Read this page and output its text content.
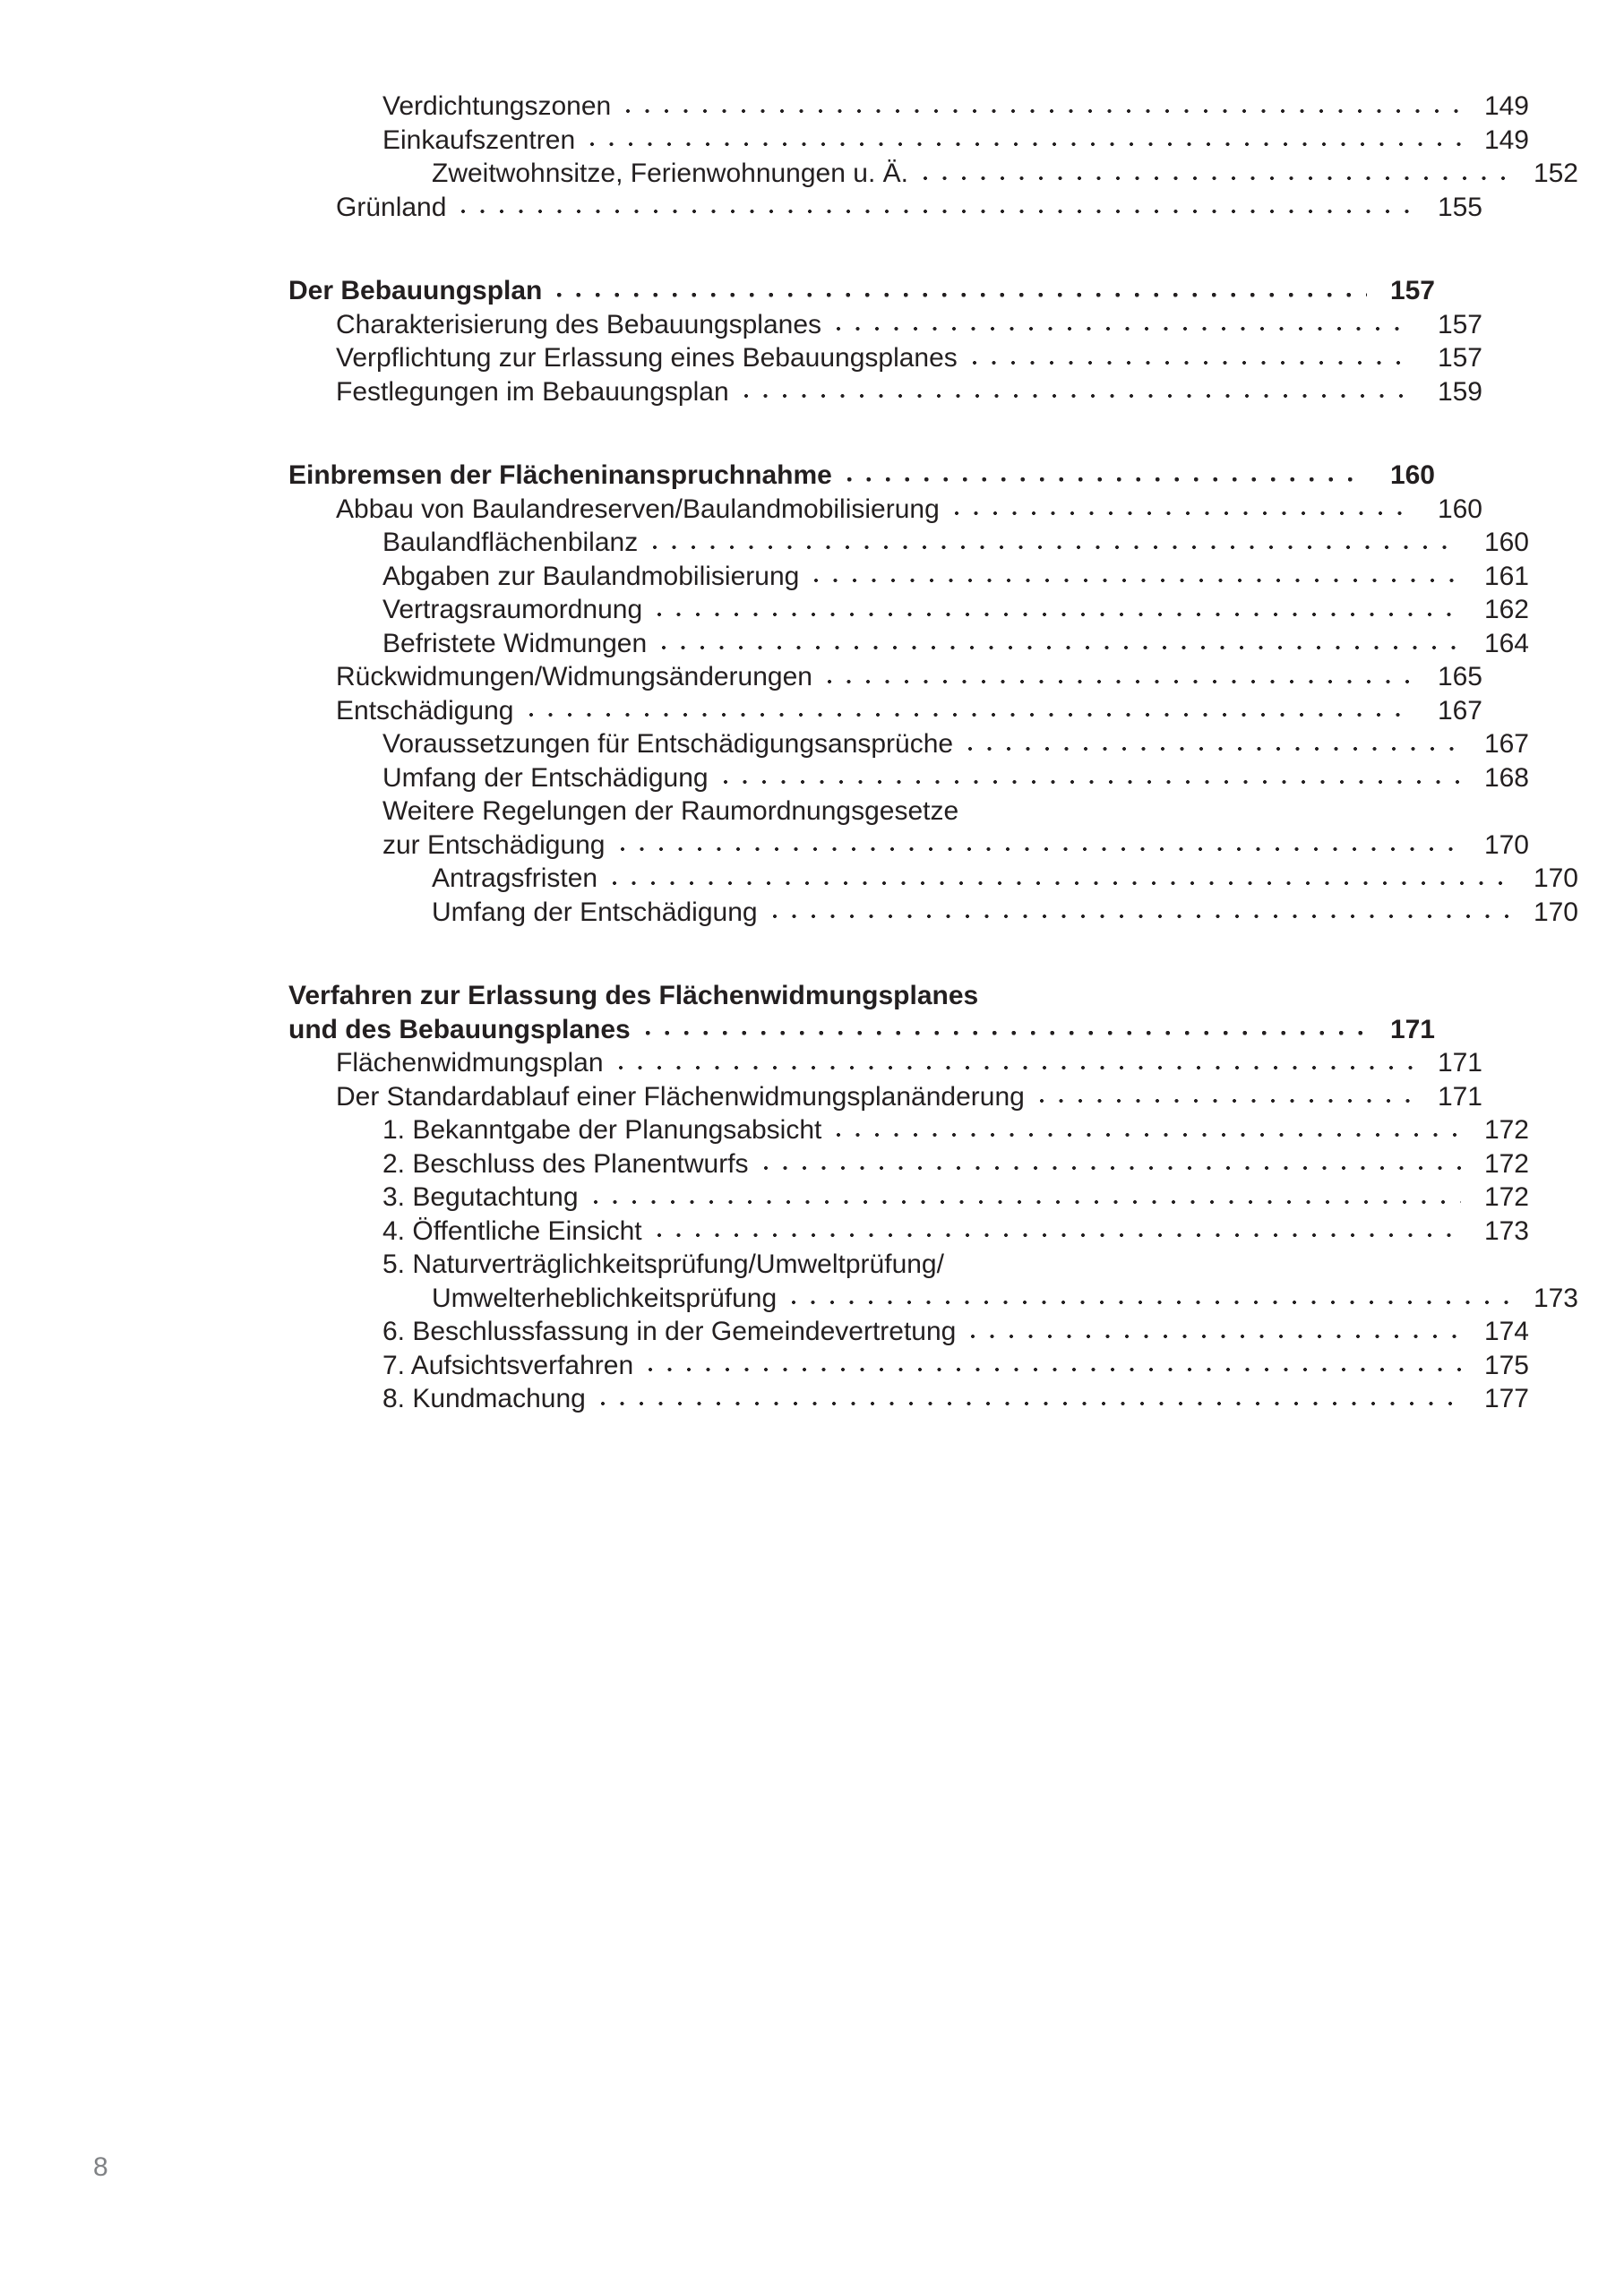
Verdichtungszonen	149
Einkaufszentren	149
Zweitwohnsitze, Ferienwohnungen u. Ä.	152
Grünland	155
Der Bebauungsplan	157
Charakterisierung des Bebauungsplanes	157
Verpflichtung zur Erlassung eines Bebauungsplanes	157
Festlegungen im Bebauungsplan	159
Einbremsen der Flächeninanspruchnahme	160
Abbau von Baulandreserven/Baulandmobilisierung	160
Baulandflächenbilanz	160
Abgaben zur Baulandmobilisierung	161
Vertragsraumordnung	162
Befristete Widmungen	164
Rückwidmungen/Widmungsänderungen	165
Entschädigung	167
Voraussetzungen für Entschädigungsansprüche	167
Umfang der Entschädigung	168
Weitere Regelungen der Raumordnungsgesetze
zur Entschädigung	170
Antragsfristen	170
Umfang der Entschädigung	170
Verfahren zur Erlassung des Flächenwidmungsplanes
und des Bebauungsplanes	171
Flächenwidmungsplan	171
Der Standardablauf einer Flächenwidmungsplanänderung	171
1. Bekanntgabe der Planungsabsicht	172
2. Beschluss des Planentwurfs	172
3. Begutachtung	172
4. Öffentliche Einsicht	173
5. Naturverträglichkeitsprüfung/Umweltprüfung/
Umwelterheblichkeitsprüfung	173
6. Beschlussfassung in der Gemeindevertretung	174
7. Aufsichtsverfahren	175
8. Kundmachung	177
8
